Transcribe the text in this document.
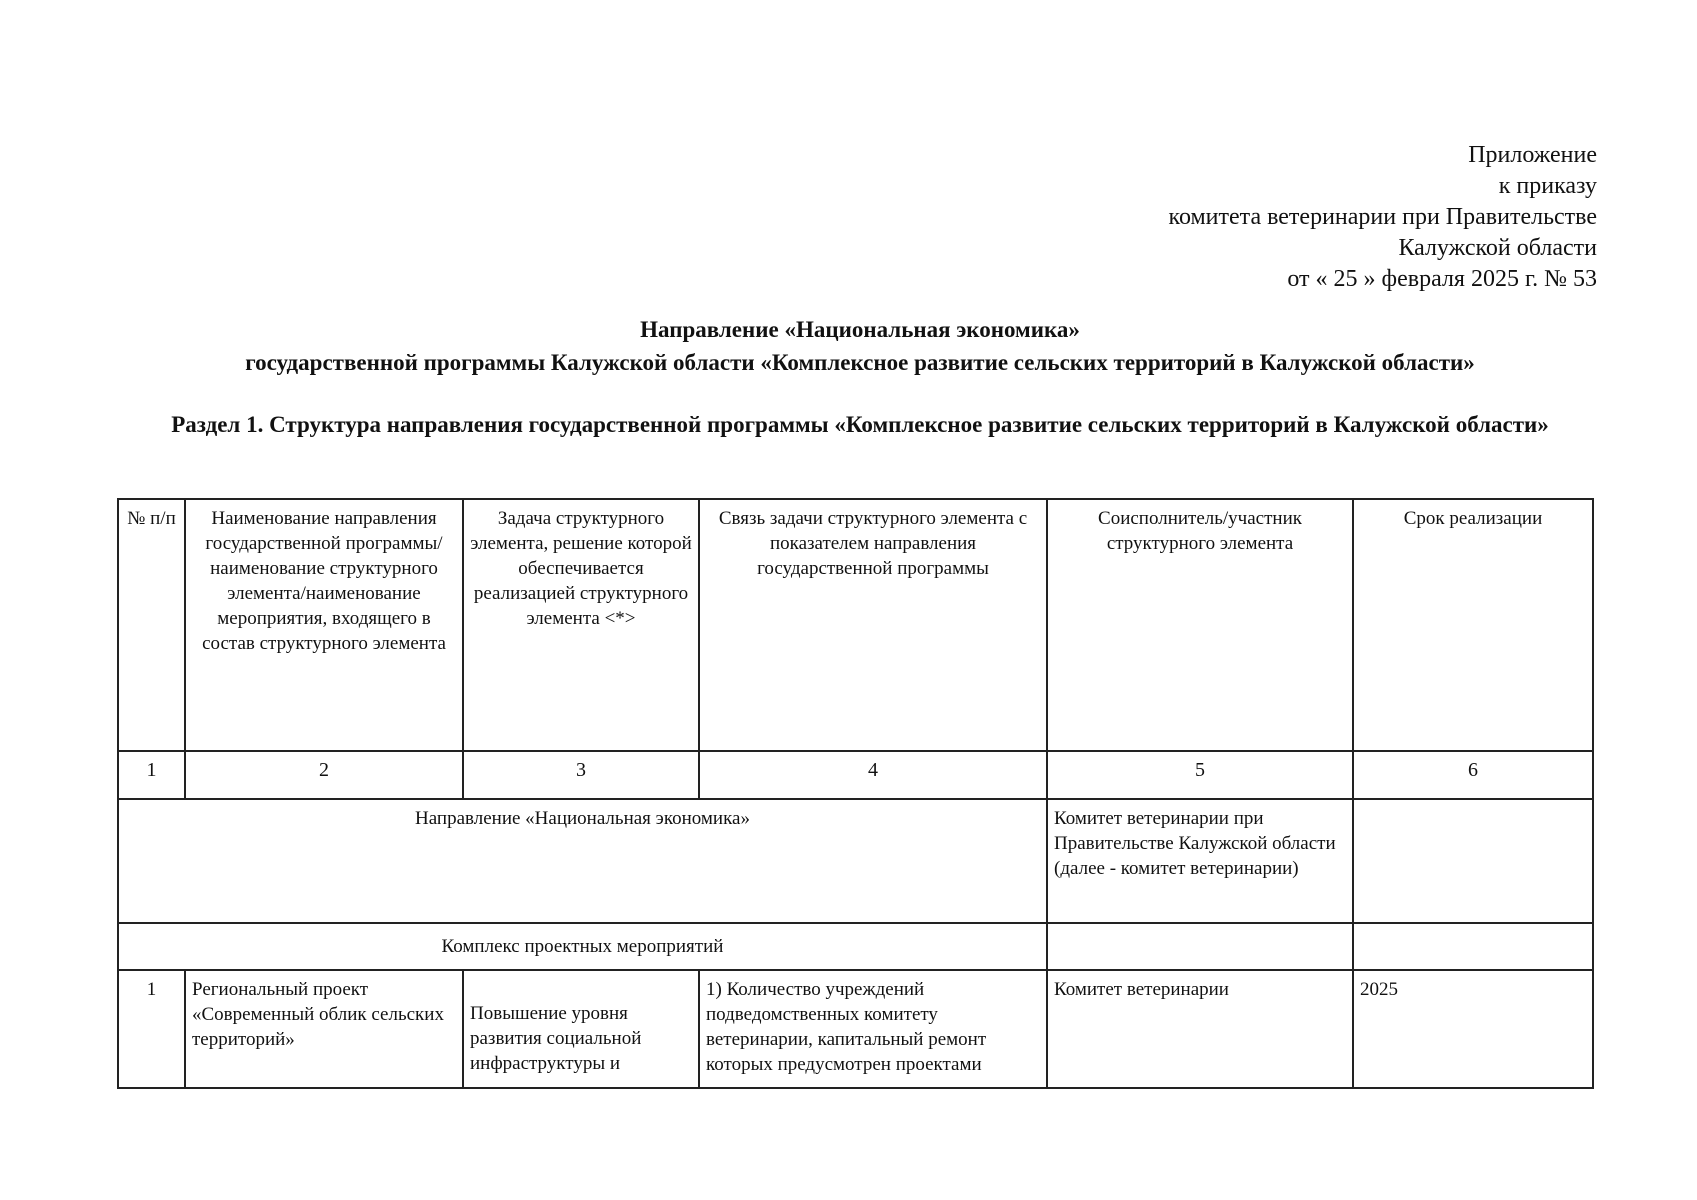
Приложение
к приказу
комитета ветеринарии при Правительстве
Калужской области
от « 25 » февраля 2025 г. № 53
Направление «Национальная экономика»
государственной программы Калужской области «Комплексное развитие сельских территорий в Калужской области»
Раздел 1. Структура направления государственной программы «Комплексное развитие сельских территорий в Калужской области»
№ п/п	Наименование направления государственной программы/наименование структурного элемента/наименование мероприятия, входящего в состав структурного элемента	Задача структурного элемента, решение которой обеспечивается реализацией структурного элемента <*>	Связь задачи структурного элемента с показателем направления государственной программы	Соисполнитель/участник структурного элемента	Срок реализации
1	2	3	4	5	6
Направление «Национальная экономика»				Комитет ветеринарии при Правительстве Калужской области (далее - комитет ветеринарии)	
Комплекс проектных мероприятий					
1	Региональный проект «Современный облик сельских территорий»	Повышение уровня развития социальной инфраструктуры и	1) Количество учреждений подведомственных комитету ветеринарии, капитальный ремонт которых предусмотрен проектами	Комитет ветеринарии	2025
